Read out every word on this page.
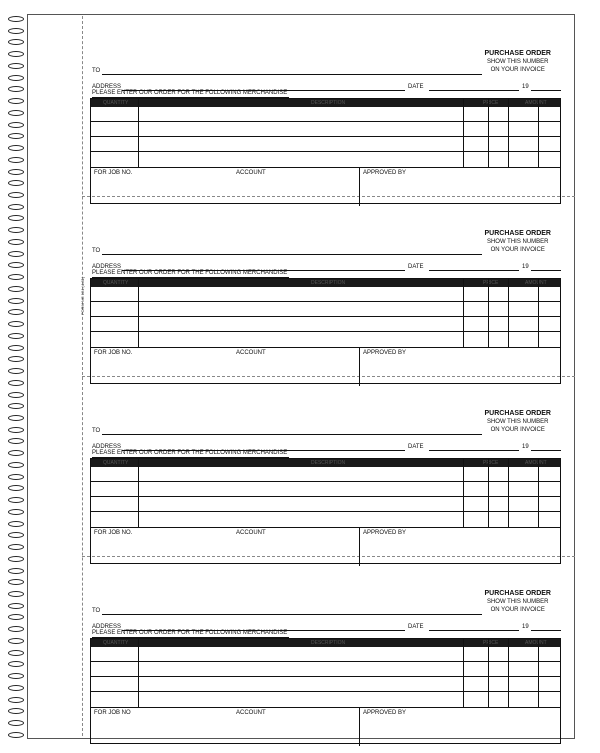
FORM NC 124 (4-81)
PURCHASE ORDER
SHOW THIS NUMBER
ON YOUR INVOICE
TO
ADDRESS	DATE	19
PLEASE ENTER OUR ORDER FOR THE FOLLOWING MERCHANDISE
QUANTITY	DESCRIPTION	PRICE	AMOUNT
FOR JOB NO.	ACCOUNT	APPROVED BY
PURCHASE ORDER
SHOW THIS NUMBER
ON YOUR INVOICE
TO
ADDRESS	DATE	19
PLEASE ENTER OUR ORDER FOR THE FOLLOWING MERCHANDISE
QUANTITY	DESCRIPTION	PRICE	AMOUNT
FOR JOB NO.	ACCOUNT	APPROVED BY
PURCHASE ORDER
SHOW THIS NUMBER
ON YOUR INVOICE
TO
ADDRESS	DATE	19
PLEASE ENTER OUR ORDER FOR THE FOLLOWING MERCHANDISE
QUANTITY	DESCRIPTION	PRICE	AMOUNT
FOR JOB NO.	ACCOUNT	APPROVED BY
PURCHASE ORDER
SHOW THIS NUMBER
ON YOUR INVOICE
TO
ADDRESS	DATE	19
PLEASE ENTER OUR ORDER FOR THE FOLLOWING MERCHANDISE
QUANTITY	DESCRIPTION	PRICE	AMOUNT
FOR JOB NO	ACCOUNT	APPROVED BY
